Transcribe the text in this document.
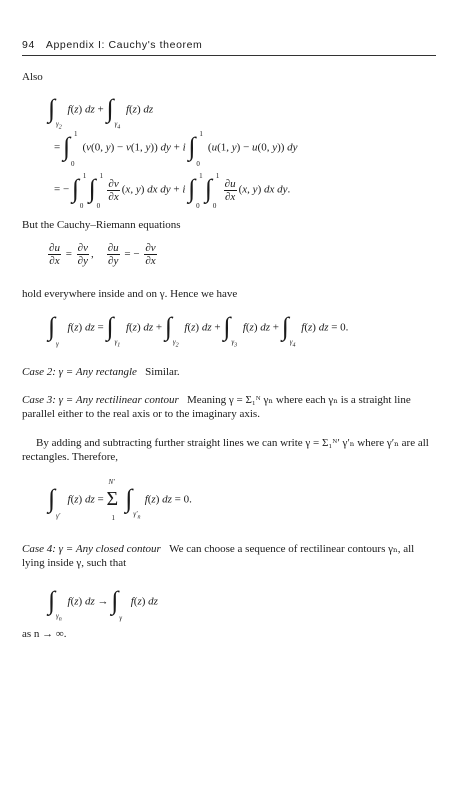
94 Appendix I: Cauchy's theorem
Also
∫
$\gamma_2$
f(z) dz + ∫
$\gamma_4$
f(z) dz
= ∫ 1
0
(v(0, y) − v(1, y)) dy + i ∫ 1
0
(u(1, y) − u(0, y)) dy
= − ∫ 1
0

∫ 1
0

$\frac{\partial v}{\partial x} (x$, y) dx dy + i ∫ 1
0

∫ 1
0

$\frac{\partial u}{\partial x} (x$, y) dx dy.
But the Cauchy–Riemann equations
$\frac{\partial u}{\partial x} = \frac{\partial v}{\partial y}$ , $\frac{\partial u}{\partial y}$ = − $\frac{\partial v}{\partial x}$
hold everywhere inside and on γ. Hence we have
∫
γ
f(z) dz = ∫
$\gamma_1$
f(z) dz + ∫
$\gamma_2$
f(z) dz + ∫
$\gamma_3$
f(z) dz + ∫
$\gamma_4$
f(z) dz = 0.
Case 2: γ = Any rectangle Similar.
Case 3: γ = Any rectilinear contour Meaning γ = Σ₁ᴺ γₙ where each γₙ is a straight line parallel either to the real axis or to the imaginary axis.
By adding and subtracting further straight lines we can write γ = Σ₁ᴺ′ γ′ₙ where γ′ₙ are all rectangles. Therefore,
∫
γ′
f(z) dz =
N′
Σ
1

∫
$\gamma'_n$
f(z) dz = 0.
Case 4: γ = Any closed contour We can choose a sequence of rectilinear contours γₙ, all lying inside γ, such that
∫
$\gamma_n$
f(z) dz → ∫
γ
f(z) dz
as n → ∞.
